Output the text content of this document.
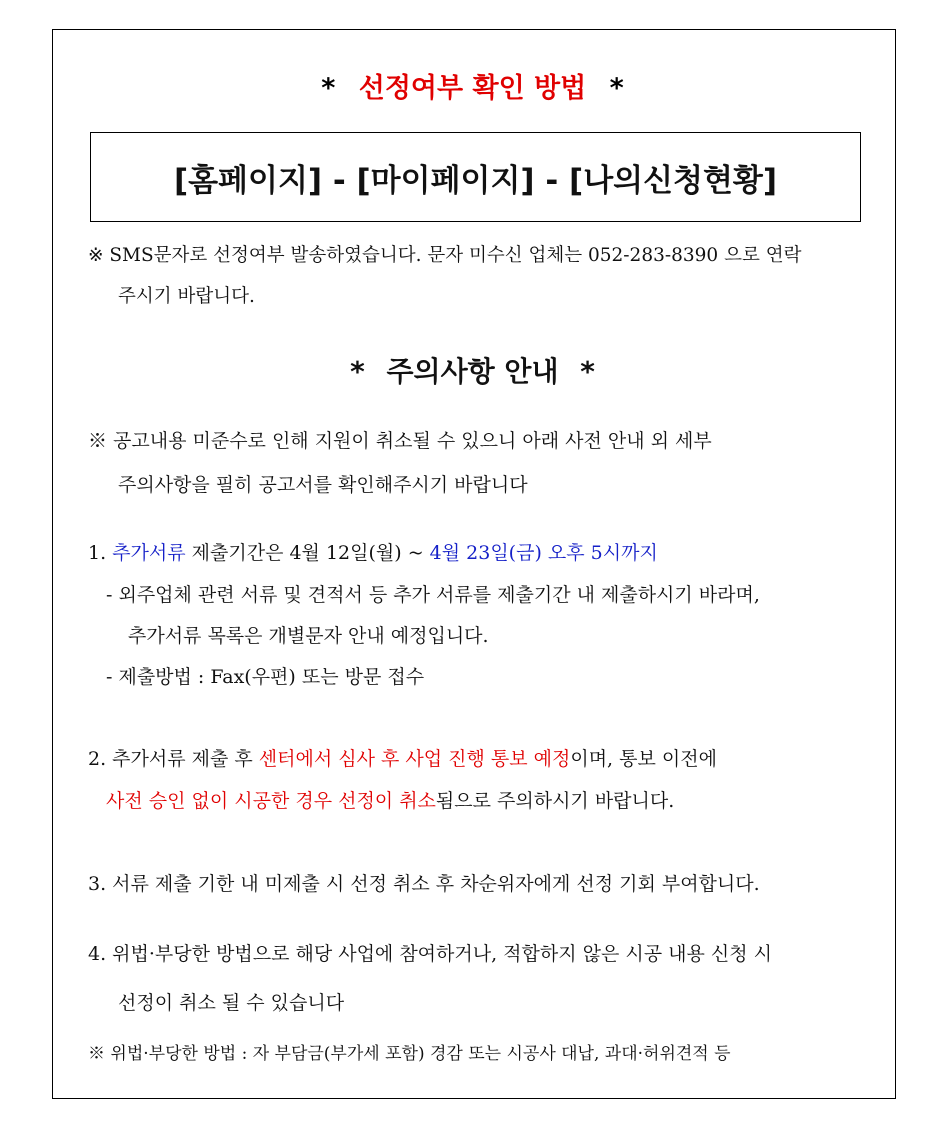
* 선정여부 확인 방법 *
[홈페이지] - [마이페이지] - [나의신청현황]
※ SMS문자로 선정여부 발송하였습니다. 문자 미수신 업체는 052-283-8390 으로 연락
주시기 바랍니다.
* 주의사항 안내 *
※ 공고내용 미준수로 인해 지원이 취소될 수 있으니 아래 사전 안내 외 세부
주의사항을 필히 공고서를 확인해주시기 바랍니다
1. 추가서류 제출기간은 4월 12일(월) ~ 4월 23일(금) 오후 5시까지
- 외주업체 관련 서류 및 견적서 등 추가 서류를 제출기간 내 제출하시기 바라며,
추가서류 목록은 개별문자 안내 예정입니다.
- 제출방법 : Fax(우편) 또는 방문 접수
2. 추가서류 제출 후 센터에서 심사 후 사업 진행 통보 예정이며, 통보 이전에
사전 승인 없이 시공한 경우 선정이 취소됨으로 주의하시기 바랍니다.
3. 서류 제출 기한 내 미제출 시 선정 취소 후 차순위자에게 선정 기회 부여합니다.
4. 위법·부당한 방법으로 해당 사업에 참여하거나, 적합하지 않은 시공 내용 신청 시
선정이 취소 될 수 있습니다
※ 위법·부당한 방법 : 자 부담금(부가세 포함) 경감 또는 시공사 대납, 과대·허위견적 등
